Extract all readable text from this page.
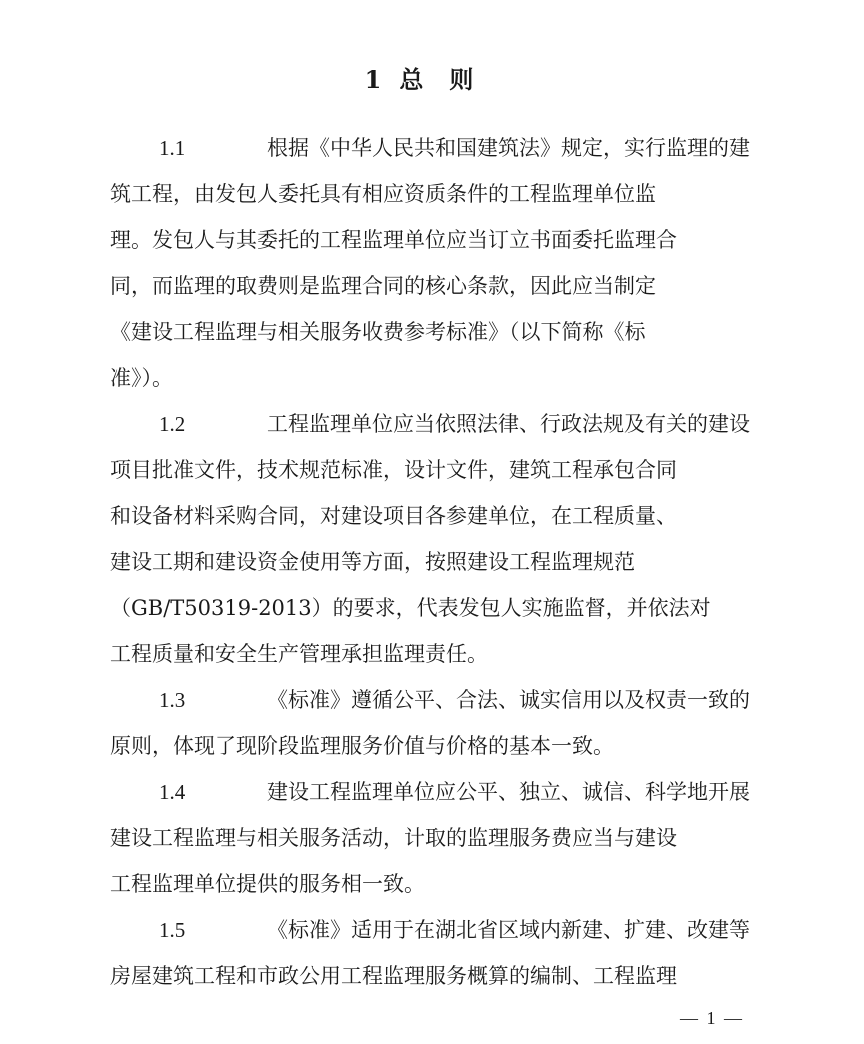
1 总则
1.1	根据《中华人民共和国建筑法》规定，实行监理的建
筑工程，由发包人委托具有相应资质条件的工程监理单位监
理。发包人与其委托的工程监理单位应当订立书面委托监理合
同，而监理的取费则是监理合同的核心条款，因此应当制定
《建设工程监理与相关服务收费参考标准》（以下简称《标
准》）。
1.2	工程监理单位应当依照法律、行政法规及有关的建设
项目批准文件，技术规范标准，设计文件，建筑工程承包合同
和设备材料采购合同，对建设项目各参建单位，在工程质量、
建设工期和建设资金使用等方面，按照建设工程监理规范
（GB/T50319-2013）的要求，代表发包人实施监督，并依法对
工程质量和安全生产管理承担监理责任。
1.3	《标准》遵循公平、合法、诚实信用以及权责一致的
原则，体现了现阶段监理服务价值与价格的基本一致。
1.4	建设工程监理单位应公平、独立、诚信、科学地开展
建设工程监理与相关服务活动，计取的监理服务费应当与建设
工程监理单位提供的服务相一致。
1.5	《标准》适用于在湖北省区域内新建、扩建、改建等
房屋建筑工程和市政公用工程监理服务概算的编制、工程监理
— 1 —
